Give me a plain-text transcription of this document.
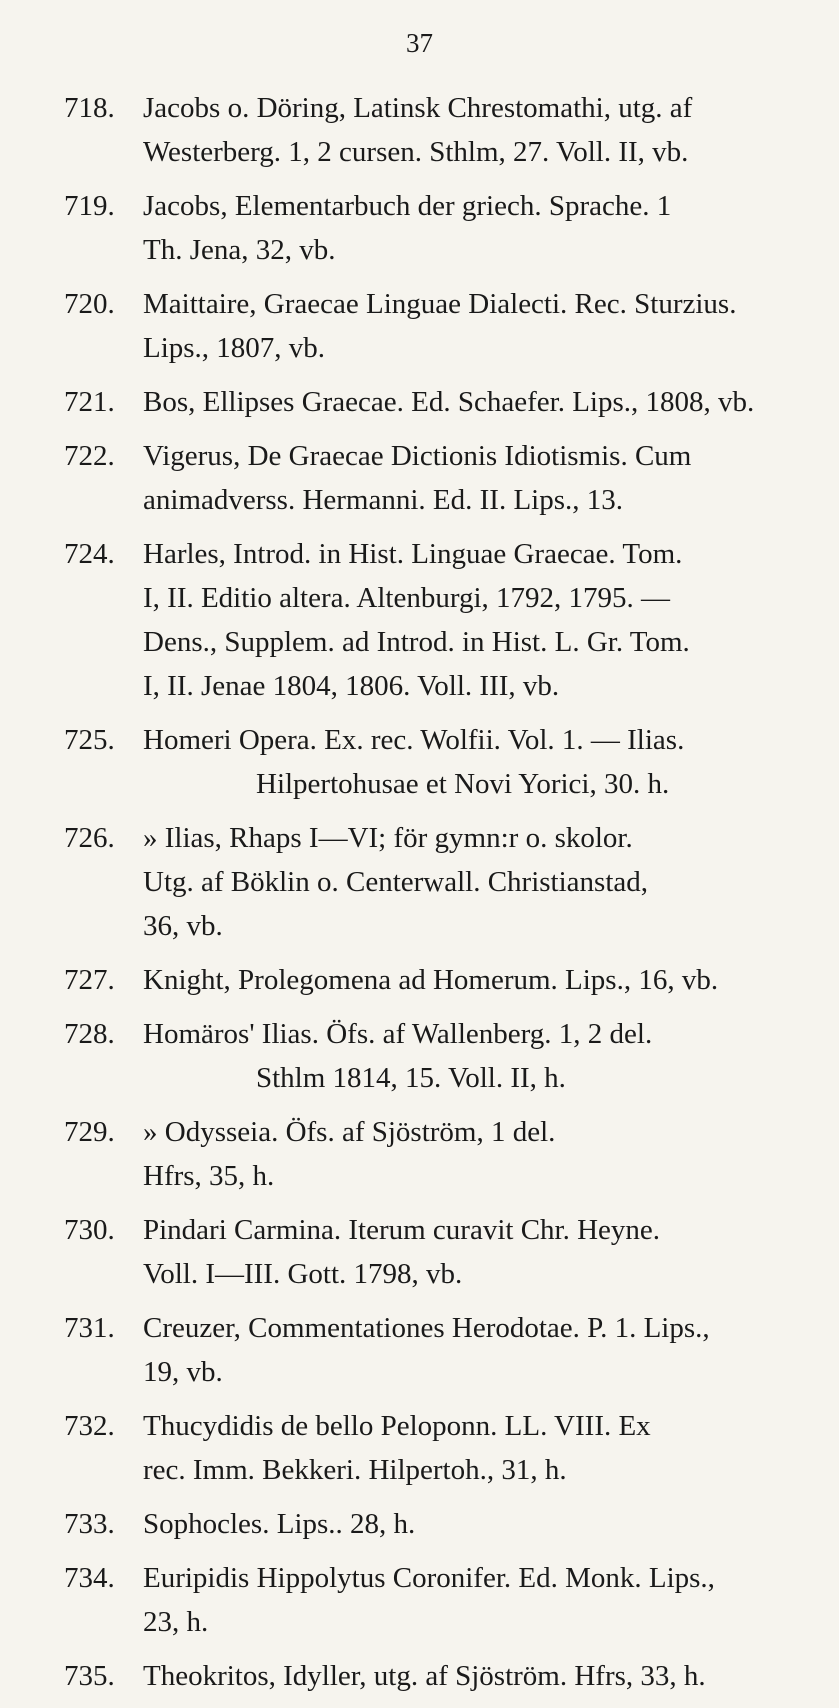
37
718. Jacobs o. Döring, Latinsk Chrestomathi, utg. af
Westerberg. 1, 2 cursen. Sthlm, 27. Voll. II, vb.
719. Jacobs, Elementarbuch der griech. Sprache. 1
Th. Jena, 32, vb.
720. Maittaire, Graecae Linguae Dialecti. Rec. Sturzius.
Lips., 1807, vb.
721. Bos, Ellipses Graecae. Ed. Schaefer. Lips., 1808, vb.
722. Vigerus, De Graecae Dictionis Idiotismis. Cum
animadverss. Hermanni. Ed. II. Lips., 13.
724. Harles, Introd. in Hist. Linguae Graecae. Tom.
I, II. Editio altera. Altenburgi, 1792, 1795. —
Dens., Supplem. ad Introd. in Hist. L. Gr. Tom.
I, II. Jenae 1804, 1806. Voll. III, vb.
725. Homeri Opera. Ex. rec. Wolfii. Vol. 1. — Ilias.
Hilpertohusae et Novi Yorici, 30. h.
726. » Ilias, Rhaps I—VI; för gymn:r o. skolor.
Utg. af Böklin o. Centerwall. Christianstad,
36, vb.
727. Knight, Prolegomena ad Homerum. Lips., 16, vb.
728. Homäros' Ilias. Öfs. af Wallenberg. 1, 2 del.
Sthlm 1814, 15. Voll. II, h.
729. » Odysseia. Öfs. af Sjöström, 1 del.
Hfrs, 35, h.
730. Pindari Carmina. Iterum curavit Chr. Heyne.
Voll. I—III. Gott. 1798, vb.
731. Creuzer, Commentationes Herodotae. P. 1. Lips.,
19, vb.
732. Thucydidis de bello Peloponn. LL. VIII. Ex
rec. Imm. Bekkeri. Hilpertoh., 31, h.
733. Sophocles. Lips.. 28, h.
734. Euripidis Hippolytus Coronifer. Ed. Monk. Lips.,
23, h.
735. Theokritos, Idyller, utg. af Sjöström. Hfrs, 33, h.
